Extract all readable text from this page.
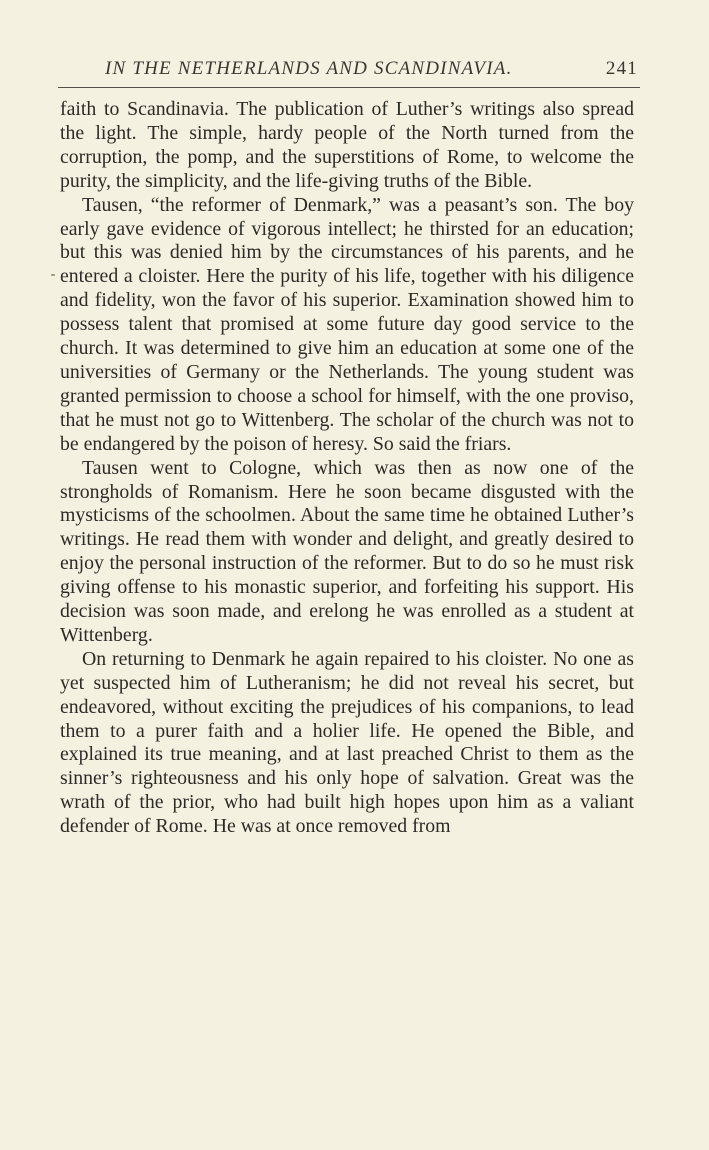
IN THE NETHERLANDS AND SCANDINAVIA.	241

faith to Scandinavia. The publication of Luther’s writings also spread the light. The simple, hardy people of the North turned from the corruption, the pomp, and the superstitions of Rome, to welcome the purity, the simplicity, and the life-giving truths of the Bible.

Tausen, “the reformer of Denmark,” was a peasant’s son. The boy early gave evidence of vigorous intellect; he thirsted for an education; but this was denied him by the circumstances of his parents, and he entered a cloister. Here the purity of his life, together with his diligence and fidelity, won the favor of his superior. Examination showed him to possess talent that promised at some future day good service to the church. It was determined to give him an education at some one of the universities of Germany or the Netherlands. The young student was granted permission to choose a school for himself, with the one proviso, that he must not go to Wittenberg. The scholar of the church was not to be endangered by the poison of heresy. So said the friars.

Tausen went to Cologne, which was then as now one of the strongholds of Romanism. Here he soon became disgusted with the mysticisms of the schoolmen. About the same time he obtained Luther’s writings. He read them with wonder and delight, and greatly desired to enjoy the personal instruction of the reformer. But to do so he must risk giving offense to his monastic superior, and forfeiting his support. His decision was soon made, and erelong he was enrolled as a student at Wittenberg.

On returning to Denmark he again repaired to his cloister. No one as yet suspected him of Lutheranism; he did not reveal his secret, but endeavored, without exciting the prejudices of his companions, to lead them to a purer faith and a holier life. He opened the Bible, and explained its true meaning, and at last preached Christ to them as the sinner’s righteousness and his only hope of salvation. Great was the wrath of the prior, who had built high hopes upon him as a valiant defender of Rome. He was at once removed from
